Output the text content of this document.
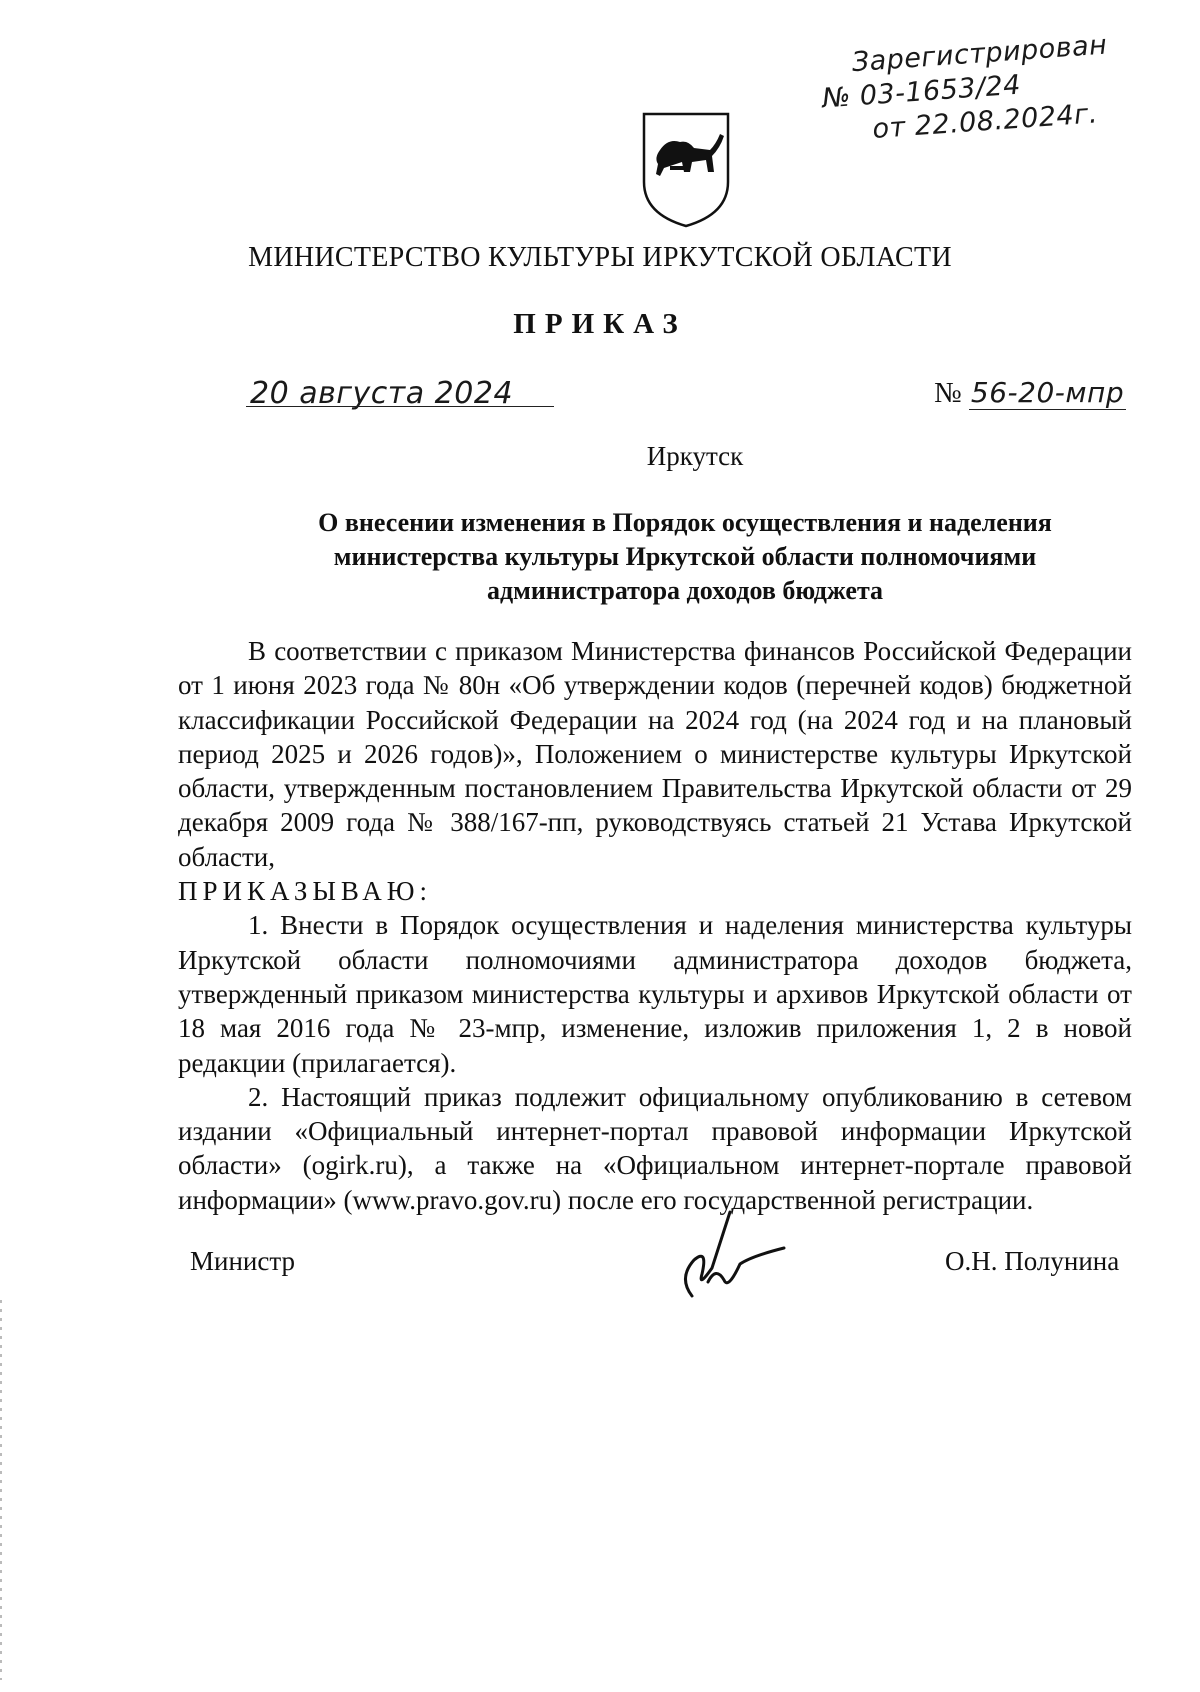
Зарегистрирован
№ 03-1653/24
от 22.08.2024г.
МИНИСТЕРСТВО КУЛЬТУРЫ ИРКУТСКОЙ ОБЛАСТИ
ПРИКАЗ
20 августа 2024	№ 56-20-мпр
Иркутск
О внесении изменения в Порядок осуществления и наделения министерства культуры Иркутской области полномочиями администратора доходов бюджета

В соответствии с приказом Министерства финансов Российской Федерации от 1 июня 2023 года № 80н «Об утверждении кодов (перечней кодов) бюджетной классификации Российской Федерации на 2024 год (на 2024 год и на плановый период 2025 и 2026 годов)», Положением о министерстве культуры Иркутской области, утвержденным постановлением Правительства Иркутской области от 29 декабря 2009 года № 388/167-пп, руководствуясь статьей 21 Устава Иркутской области,

ПРИКАЗЫВАЮ:

1. Внести в Порядок осуществления и наделения министерства культуры Иркутской области полномочиями администратора доходов бюджета, утвержденный приказом министерства культуры и архивов Иркутской области от 18 мая 2016 года № 23-мпр, изменение, изложив приложения 1, 2 в новой редакции (прилагается).

2. Настоящий приказ подлежит официальному опубликованию в сетевом издании «Официальный интернет-портал правовой информации Иркутской области» (ogirk.ru), а также на «Официальном интернет-портале правовой информации» (www.pravo.gov.ru) после его государственной регистрации.

Министр	О.Н. Полунина
